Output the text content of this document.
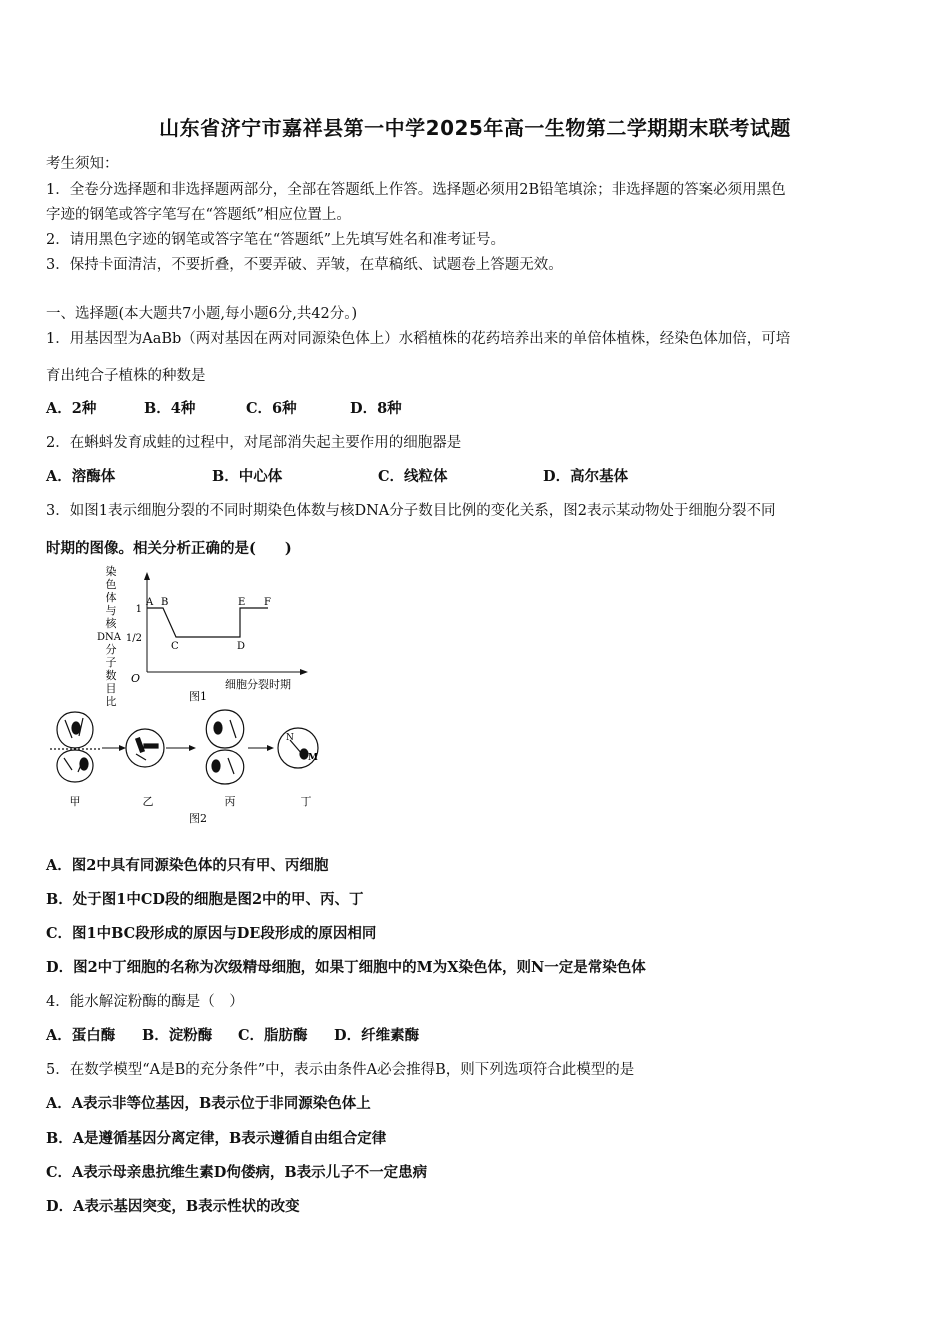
山东省济宁市嘉祥县第一中学2025年高一生物第二学期期末联考试题
考生须知：
1．全卷分选择题和非选择题两部分，全部在答题纸上作答。选择题必须用2B铅笔填涂；非选择题的答案必须用黑色
字迹的钢笔或答字笔写在“答题纸”相应位置上。
2．请用黑色字迹的钢笔或答字笔在“答题纸”上先填写姓名和准考证号。
3．保持卡面清洁，不要折叠，不要弄破、弄皱，在草稿纸、试题卷上答题无效。
一、选择题(本大题共7小题,每小题6分,共42分。)
1．用基因型为AaBb（两对基因在两对同源染色体上）水稻植株的花药培养出来的单倍体植株，经染色体加倍，可培
育出纯合子植株的种数是
A．2种	B．4种	C．6种	D．8种
2．在蝌蚪发育成蛙的过程中，对尾部消失起主要作用的细胞器是
A．溶酶体	B．中心体	C．线粒体	D．高尔基体
3．如图1表示细胞分裂的不同时期染色体数与核DNA分子数目比例的变化关系，图2表示某动物处于细胞分裂不同
时期的图像。相关分析正确的是(　　)
染
色
体
与
核
DNA
分
子
数
目
比
1
1/2
O	细胞分裂时期
A B
C	D
E F
图1
N
M
甲	乙	丙	丁
图2
A．图2中具有同源染色体的只有甲、丙细胞
B．处于图1中CD段的细胞是图2中的甲、丙、丁
C．图1中BC段形成的原因与DE段形成的原因相同
D．图2中丁细胞的名称为次级精母细胞，如果丁细胞中的M为X染色体，则N一定是常染色体
4．能水解淀粉酶的酶是（　）
A．蛋白酶 B．淀粉酶 C．脂肪酶 D．纤维素酶
5．在数学模型“A是B的充分条件”中，表示由条件A必会推得B，则下列选项符合此模型的是
A．A表示非等位基因，B表示位于非同源染色体上
B．A是遵循基因分离定律，B表示遵循自由组合定律
C．A表示母亲患抗维生素D佝偻病，B表示儿子不一定患病
D．A表示基因突变，B表示性状的改变
